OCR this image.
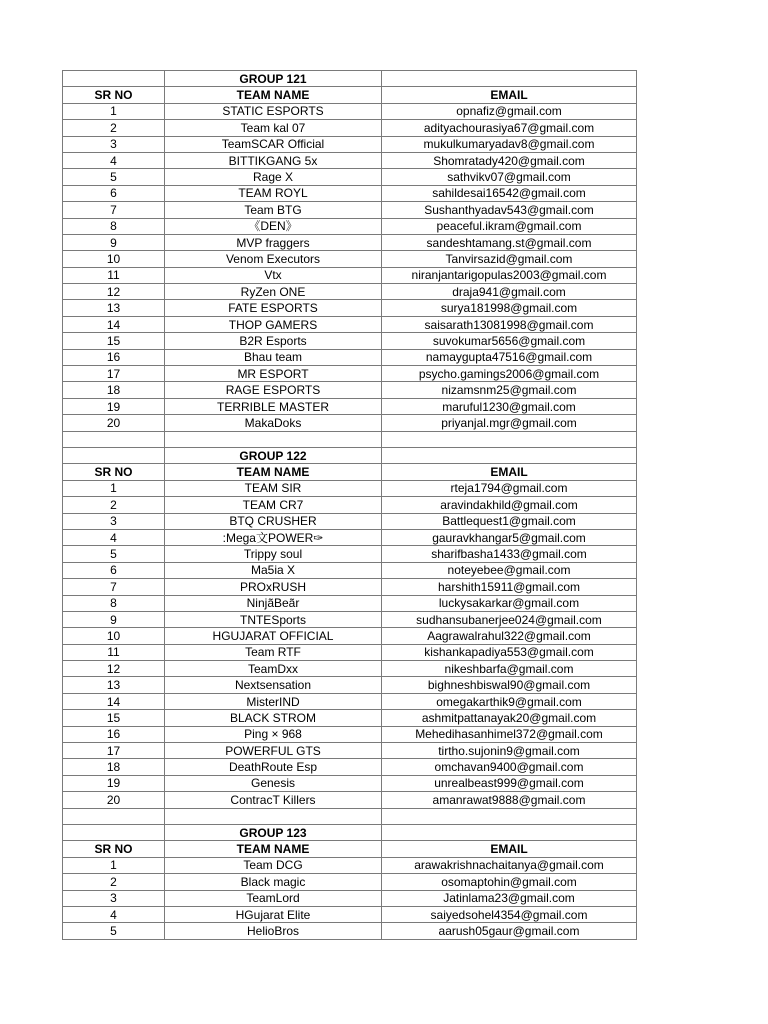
	GROUP 121	
SR NO	TEAM NAME	EMAIL
1	STATIC ESPORTS	opnafiz@gmail.com
2	Team kal 07	adityachourasiya67@gmail.com
3	TeamSCAR Official	mukulkumaryadav8@gmail.com
4	BITTIKGANG 5x	Shomratady420@gmail.com
5	Rage X	sathvikv07@gmail.com
6	TEAM ROYL	sahildesai16542@gmail.com
7	Team BTG	Sushanthyadav543@gmail.com
8	《DEN》	peaceful.ikram@gmail.com
9	MVP fraggers	sandeshtamang.st@gmail.com
10	Venom Executors	Tanvirsazid@gmail.com
11	Vtx	niranjantarigopulas2003@gmail.com
12	RyZen ONE	draja941@gmail.com
13	FATE ESPORTS	surya181998@gmail.com
14	THOP GAMERS	saisarath13081998@gmail.com
15	B2R Esports	suvokumar5656@gmail.com
16	Bhau team	namaygupta47516@gmail.com
17	MR ESPORT	psycho.gamings2006@gmail.com
18	RAGE ESPORTS	nizamsnm25@gmail.com
19	TERRIBLE MASTER	maruful1230@gmail.com
20	MakaDoks	priyanjal.mgr@gmail.com

	GROUP 122	
SR NO	TEAM NAME	EMAIL
1	TEAM SIR	rteja1794@gmail.com
2	TEAM CR7	aravindakhild@gmail.com
3	BTQ CRUSHER	Battlequest1@gmail.com
4	:Mega文POWER✑	gauravkhangar5@gmail.com
5	Trippy soul	sharifbasha1433@gmail.com
6	Ma5ia X	noteyebee@gmail.com
7	PROxRUSH	harshith15911@gmail.com
8	NinjãBeãr	luckysakarkar@gmail.com
9	TNTESports	sudhansubanerjee024@gmail.com
10	HGUJARAT OFFICIAL	Aagrawalrahul322@gmail.com
11	Team RTF	kishankapadiya553@gmail.com
12	TeamDxx	nikeshbarfa@gmail.com
13	Nextsensation	bighneshbiswal90@gmail.com
14	MisterIND	omegakarthik9@gmail.com
15	BLACK STROM	ashmitpattanayak20@gmail.com
16	Ping × 968	Mehedihasanhimel372@gmail.com
17	POWERFUL GTS	tirtho.sujonin9@gmail.com
18	DeathRoute Esp	omchavan9400@gmail.com
19	Genesis	unrealbeast999@gmail.com
20	ContracT Killers	amanrawat9888@gmail.com

	GROUP 123	
SR NO	TEAM NAME	EMAIL
1	Team DCG	arawakrishnachaitanya@gmail.com
2	Black magic	osomaptohin@gmail.com
3	TeamLord	Jatinlama23@gmail.com
4	HGujarat Elite	saiyedsohel4354@gmail.com
5	HelioBros	aarush05gaur@gmail.com
